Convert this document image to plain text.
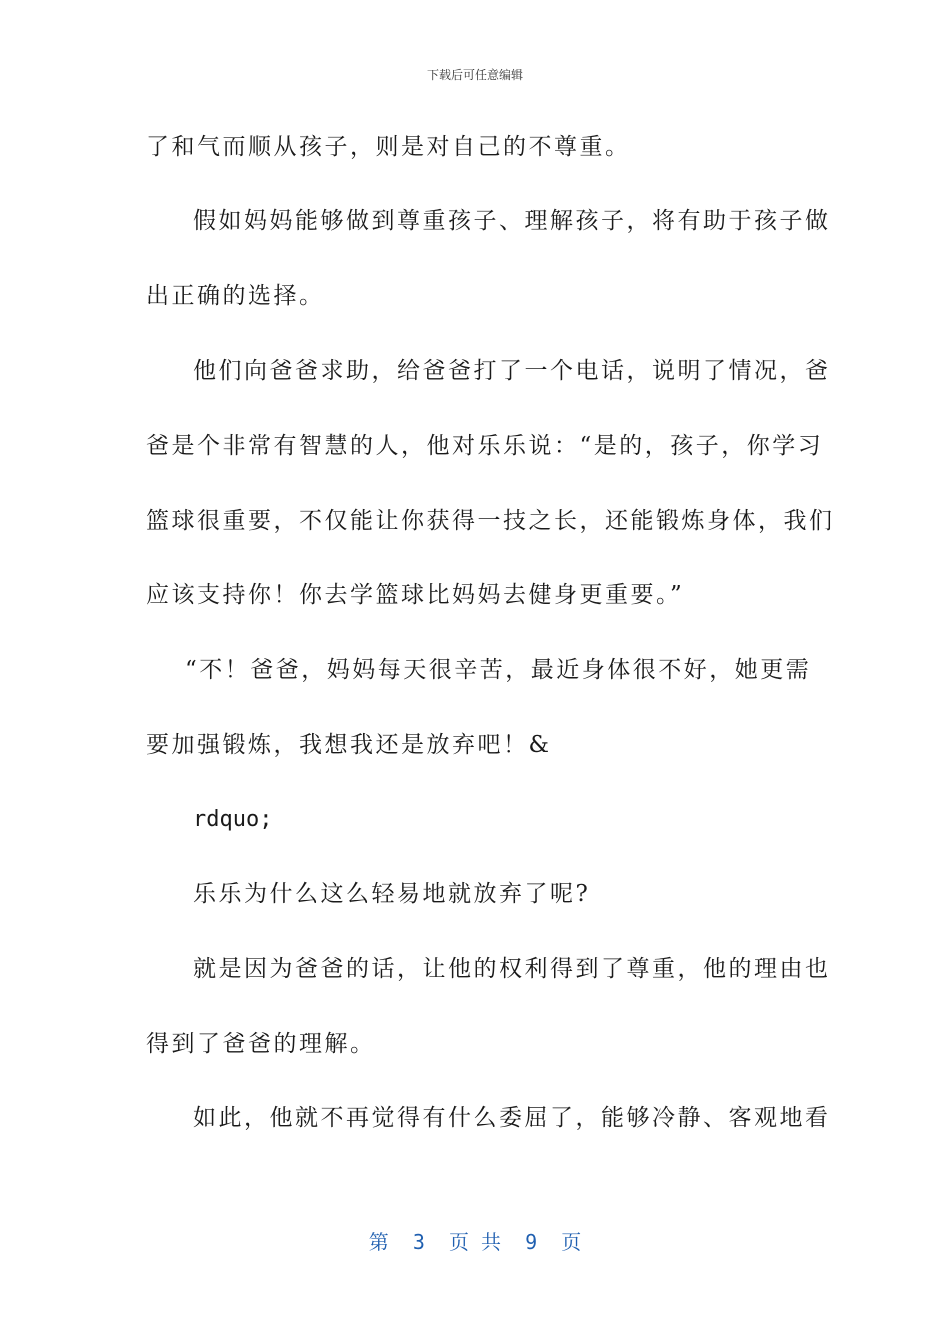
下载后可任意编辑
了和气而顺从孩子，则是对自己的不尊重。
假如妈妈能够做到尊重孩子、理解孩子，将有助于孩子做
出正确的选择。
他们向爸爸求助，给爸爸打了一个电话，说明了情况，爸
爸是个非常有智慧的人，他对乐乐说：“是的，孩子，你学习
篮球很重要，不仅能让你获得一技之长，还能锻炼身体，我们
应该支持你！你去学篮球比妈妈去健身更重要。”
“不！爸爸，妈妈每天很辛苦，最近身体很不好，她更需
要加强锻炼，我想我还是放弃吧！&
rdquo;
乐乐为什么这么轻易地就放弃了呢?
就是因为爸爸的话，让他的权利得到了尊重，他的理由也
得到了爸爸的理解。
如此，他就不再觉得有什么委屈了，能够冷静、客观地看
第  3  页 共  9  页
